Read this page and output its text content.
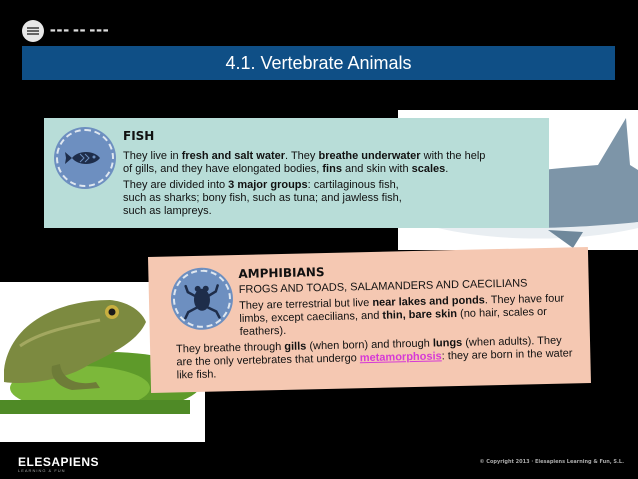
▬▬▬ ▬▬ ▬▬▬
4.1. Vertebrate Animals
FISH
They live in fresh and salt water. They breathe underwater with the help of gills, and they have elongated bodies, fins and skin with scales.
They are divided into 3 major groups: cartilaginous fish, such as sharks; bony fish, such as tuna; and jawless fish, such as lampreys.
AMPHIBIANS
FROGS AND TOADS, SALAMANDERS AND CAECILIANS
They are terrestrial but live near lakes and ponds. They have four limbs, except caecilians, and thin, bare skin (no hair, scales or feathers).
They breathe through gills (when born) and through lungs (when adults). They are the only vertebrates that undergo metamorphosis: they are born in the water like fish.
ELESAPIENS
LEARNING & FUN
© Copyright 2013 · Elesapiens Learning & Fun, S.L.
